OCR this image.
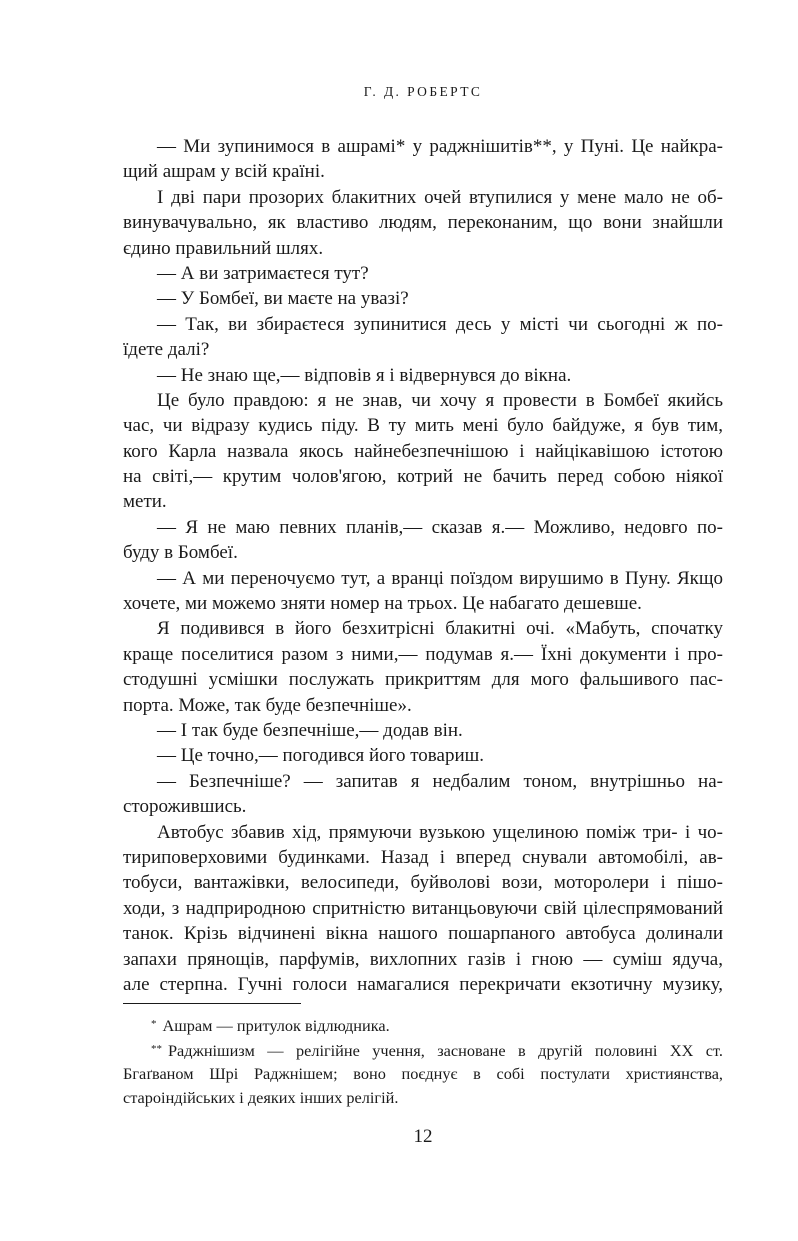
Г. Д. РОБЕРТС

— Ми зупинимося в ашрамі* у раджнішитів**, у Пуні. Це найкра-

щий ашрам у всій країні.

І дві пари прозорих блакитних очей втупилися у мене мало не об-

винувачувально, як властиво людям, переконаним, що вони знайшли

єдино правильний шлях.

— А ви затримаєтеся тут?

— У Бомбеї, ви маєте на увазі?

— Так, ви збираєтеся зупинитися десь у місті чи сьогодні ж по-

їдете далі?

— Не знаю ще,— відповів я і відвернувся до вікна.

Це було правдою: я не знав, чи хочу я провести в Бомбеї якийсь

час, чи відразу кудись піду. В ту мить мені було байдуже, я був тим,

кого Карла назвала якось найнебезпечнішою і найцікавішою істотою

на світі,— крутим чолов'ягою, котрий не бачить перед собою ніякої

мети.

— Я не маю певних планів,— сказав я.— Можливо, недовго по-

буду в Бомбеї.

— А ми переночуємо тут, а вранці поїздом вирушимо в Пуну. Якщо

хочете, ми можемо зняти номер на трьох. Це набагато дешевше.

Я подивився в його безхитрісні блакитні очі. «Мабуть, спочатку

краще поселитися разом з ними,— подумав я.— Їхні документи і про-

стодушні усмішки послужать прикриттям для мого фальшивого пас-

порта. Може, так буде безпечніше».

— І так буде безпечніше,— додав він.

— Це точно,— погодився його товариш.

— Безпечніше? — запитав я недбалим тоном, внутрішньо на-

сторожившись.

Автобус збавив хід, прямуючи вузькою ущелиною поміж три- і чо-

тириповерховими будинками. Назад і вперед снували автомобілі, ав-

тобуси, вантажівки, велосипеди, буйволові вози, моторолери і пішо-

ходи, з надприродною спритністю витанцьовуючи свій цілеспрямований

танок. Крізь відчинені вікна нашого пошарпаного автобуса долинали

запахи прянощів, парфумів, вихлопних газів і гною — суміш ядуча,

але стерпна. Гучні голоси намагалися перекричати екзотичну музику,

* Ашрам — притулок відлюдника.

** Раджнішизм — релігійне учення, засноване в другій половині ХХ ст.

Бгаґваном Шрі Раджнішем; воно поєднує в собі постулати християнства,

староіндійських і деяких інших релігій.

12
